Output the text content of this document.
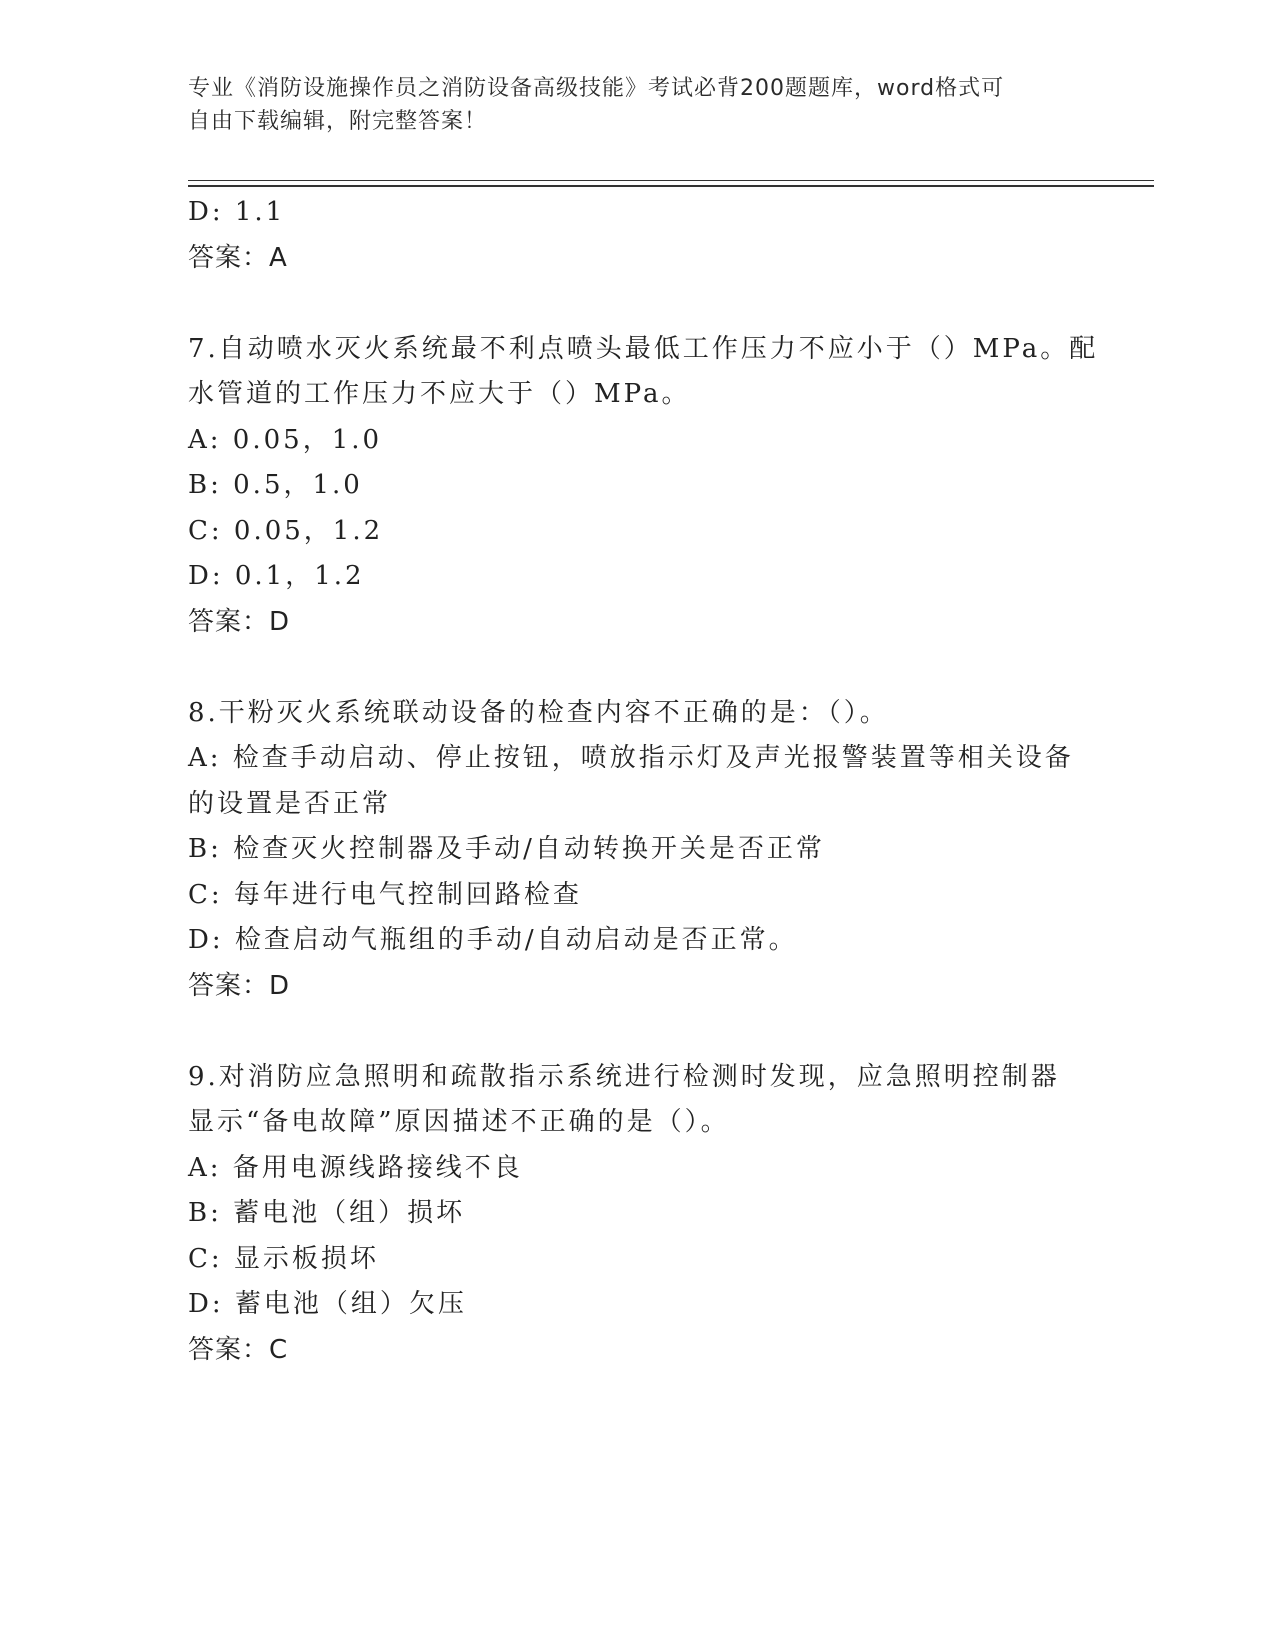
专业《消防设施操作员之消防设备高级技能》考试必背200题题库，word格式可
自由下载编辑，附完整答案！
D: 1.1
答案：A
7.自动喷水灭火系统最不利点喷头最低工作压力不应小于（）MPa。配
水管道的工作压力不应大于（）MPa。
A: 0.05，1.0
B: 0.5，1.0
C: 0.05，1.2
D: 0.1，1.2
答案：D
8.干粉灭火系统联动设备的检查内容不正确的是：（）。
A: 检查手动启动、停止按钮，喷放指示灯及声光报警装置等相关设备
的设置是否正常
B: 检查灭火控制器及手动/自动转换开关是否正常
C: 每年进行电气控制回路检查
D: 检查启动气瓶组的手动/自动启动是否正常。
答案：D
9.对消防应急照明和疏散指示系统进行检测时发现，应急照明控制器
显示“备电故障”原因描述不正确的是（）。
A: 备用电源线路接线不良
B: 蓄电池（组）损坏
C: 显示板损坏
D: 蓄电池（组）欠压
答案：C
